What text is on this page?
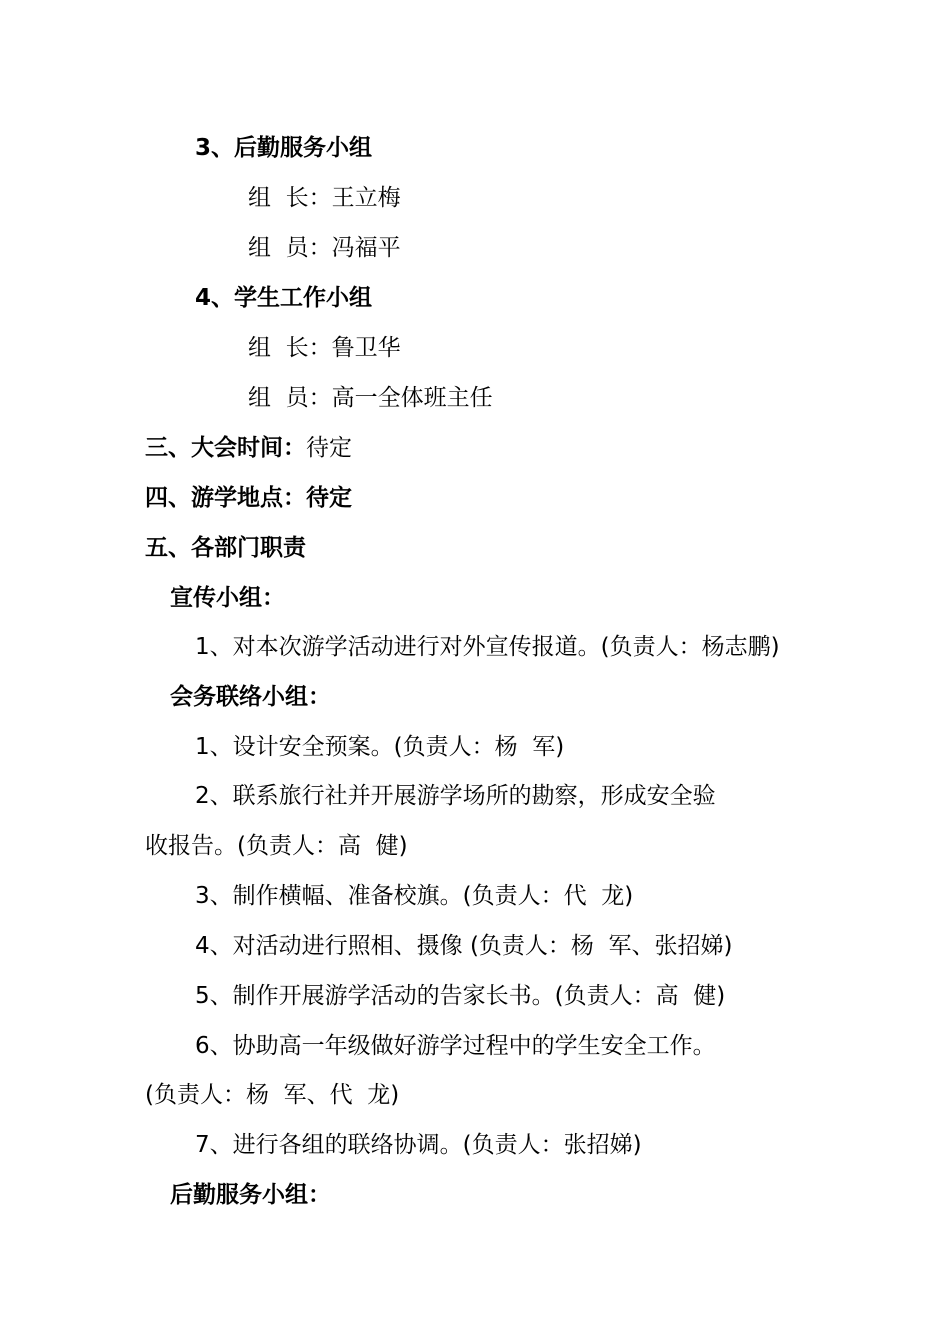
3、后勤服务小组
组  长：王立梅
组  员：冯福平
4、学生工作小组
组  长：鲁卫华
组  员：高一全体班主任
三、大会时间：待定
四、游学地点：待定
五、各部门职责
宣传小组：
1、对本次游学活动进行对外宣传报道。(负责人：杨志鹏)
会务联络小组：
1、设计安全预案。(负责人：杨  军)
2、联系旅行社并开展游学场所的勘察，形成安全验
收报告。(负责人：高  健)
3、制作横幅、准备校旗。(负责人：代  龙)
4、对活动进行照相、摄像 (负责人：杨  军、张招娣)
5、制作开展游学活动的告家长书。(负责人：高  健)
6、协助高一年级做好游学过程中的学生安全工作。
(负责人：杨  军、代  龙)
7、进行各组的联络协调。(负责人：张招娣)
后勤服务小组：
